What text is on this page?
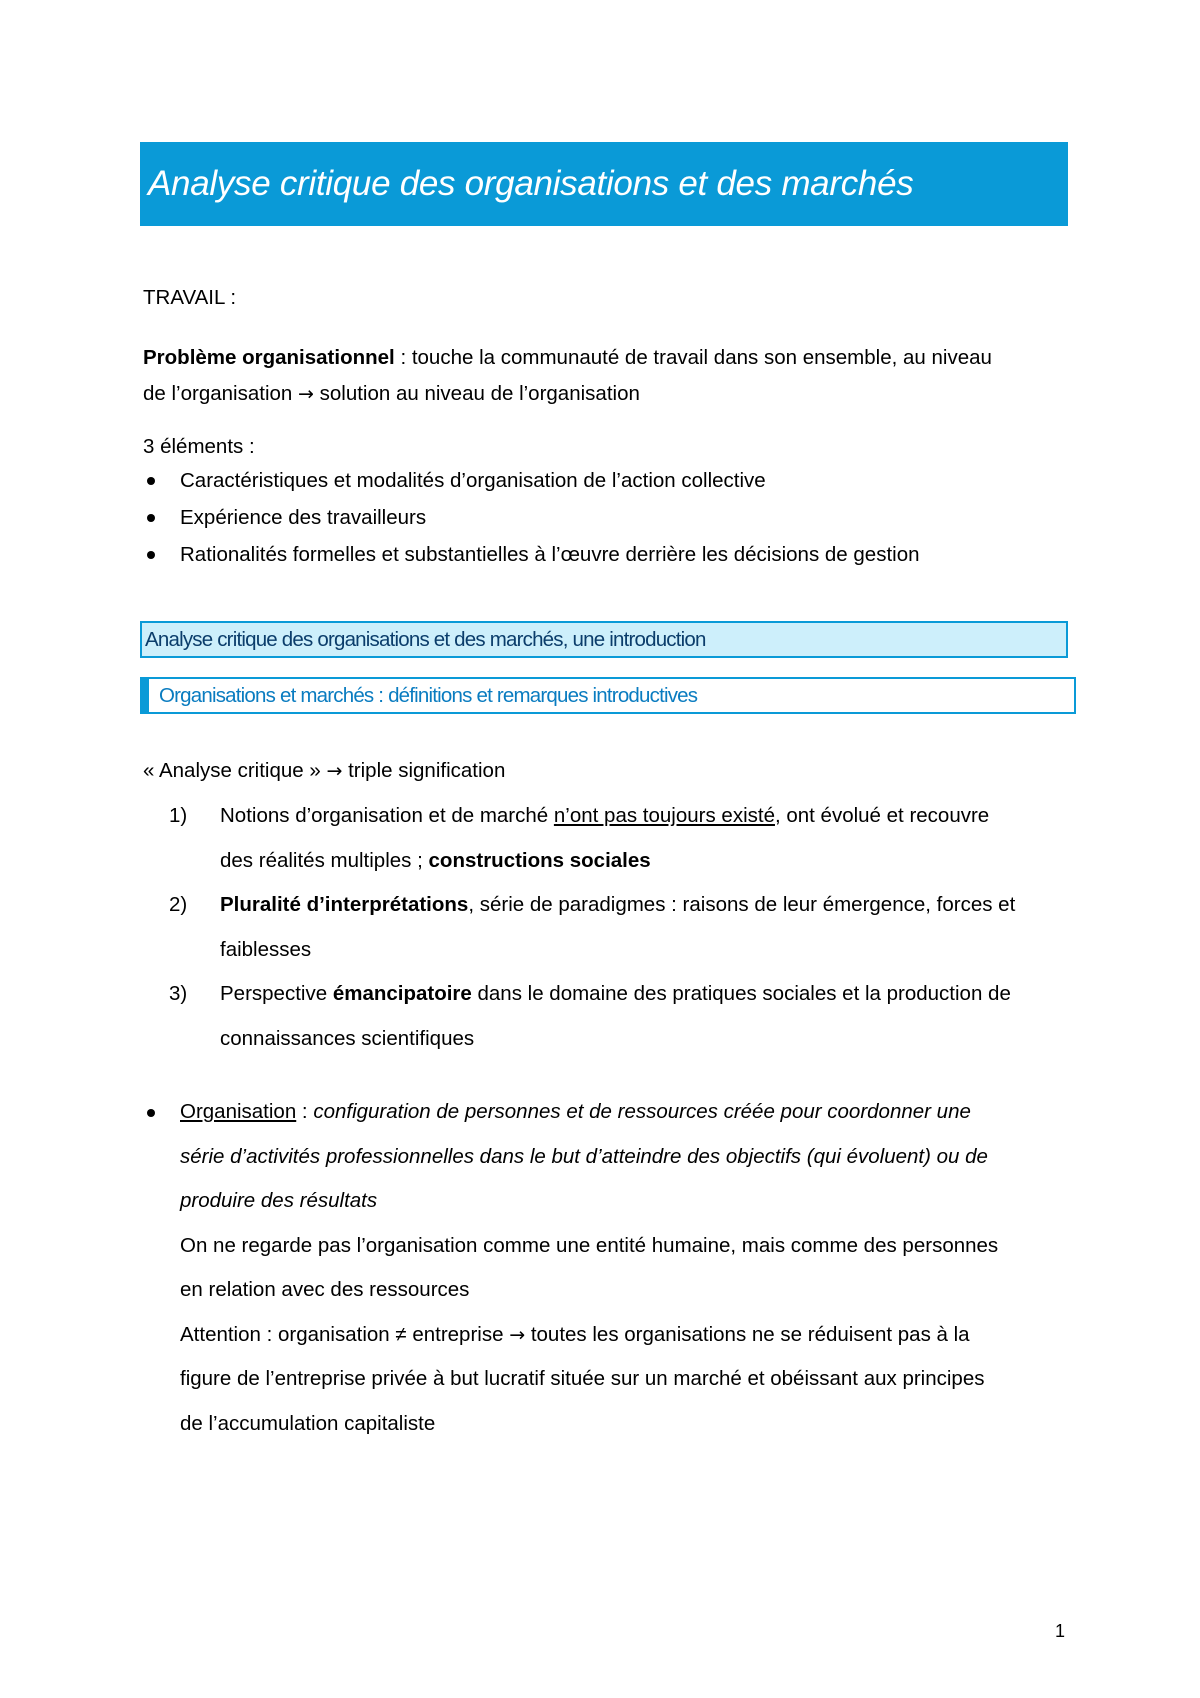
Analyse critique des organisations et des marchés
TRAVAIL :
Problème organisationnel : touche la communauté de travail dans son ensemble, au niveau
de l’organisation → solution au niveau de l’organisation
3 éléments :
Caractéristiques et modalités d’organisation de l’action collective
Expérience des travailleurs
Rationalités formelles et substantielles à l’œuvre derrière les décisions de gestion
Analyse critique des organisations et des marchés, une introduction
Organisations et marchés : définitions et remarques introductives
« Analyse critique » → triple signification
1) Notions d’organisation et de marché n’ont pas toujours existé, ont évolué et recouvre
des réalités multiples ; constructions sociales
2) Pluralité d’interprétations, série de paradigmes : raisons de leur émergence, forces et
faiblesses
3) Perspective émancipatoire dans le domaine des pratiques sociales et la production de
connaissances scientifiques
Organisation : configuration de personnes et de ressources créée pour coordonner une
série d’activités professionnelles dans le but d’atteindre des objectifs (qui évoluent) ou de
produire des résultats
On ne regarde pas l’organisation comme une entité humaine, mais comme des personnes
en relation avec des ressources
Attention : organisation ≠ entreprise → toutes les organisations ne se réduisent pas à la
figure de l’entreprise privée à but lucratif située sur un marché et obéissant aux principes
de l’accumulation capitaliste
1
